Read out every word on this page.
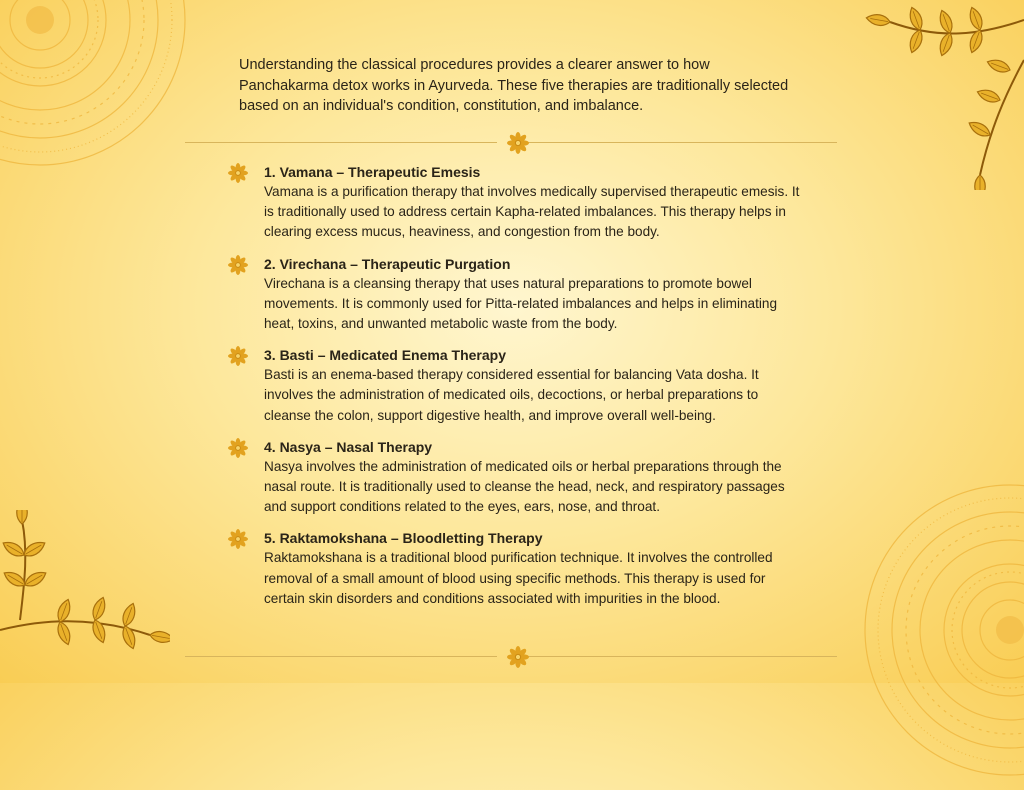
Understanding the classical procedures provides a clearer answer to how Panchakarma detox works in Ayurveda. These five therapies are traditionally selected based on an individual's condition, constitution, and imbalance.

1. Vamana – Therapeutic Emesis
Vamana is a purification therapy that involves medically supervised therapeutic emesis. It is traditionally used to address certain Kapha-related imbalances. This therapy helps in clearing excess mucus, heaviness, and congestion from the body.
2. Virechana – Therapeutic Purgation
Virechana is a cleansing therapy that uses natural preparations to promote bowel movements. It is commonly used for Pitta-related imbalances and helps in eliminating heat, toxins, and unwanted metabolic waste from the body.
3. Basti – Medicated Enema Therapy
Basti is an enema-based therapy considered essential for balancing Vata dosha. It involves the administration of medicated oils, decoctions, or herbal preparations to cleanse the colon, support digestive health, and improve overall well-being.
4. Nasya – Nasal Therapy
Nasya involves the administration of medicated oils or herbal preparations through the nasal route. It is traditionally used to cleanse the head, neck, and respiratory passages and support conditions related to the eyes, ears, nose, and throat.
5. Raktamokshana – Bloodletting Therapy
Raktamokshana is a traditional blood purification technique. It involves the controlled removal of a small amount of blood using specific methods. This therapy is used for certain skin disorders and conditions associated with impurities in the blood.
